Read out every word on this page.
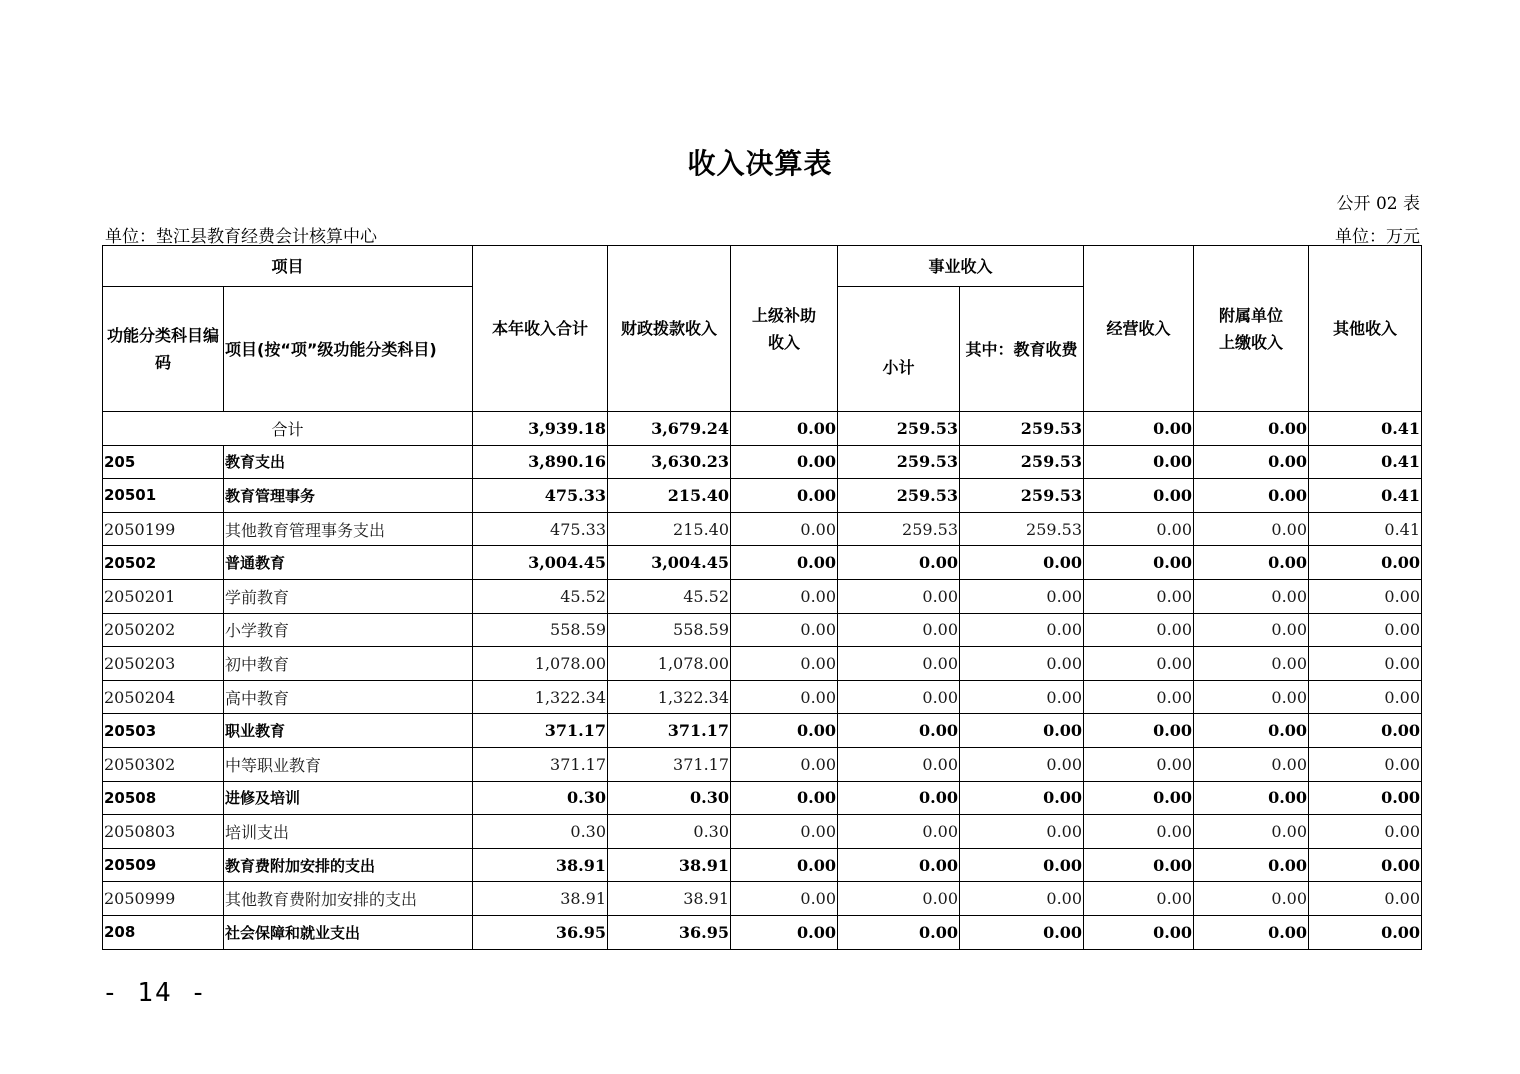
收入决算表
公开 02 表
单位：垫江县教育经费会计核算中心	单位：万元
项目		本年收入合计	财政拨款收入	上级补助收入	事业收入		经营收入	附属单位上缴收入	其他收入
功能分类科目编码	项目(按“项”级功能分类科目)				小计	其中：教育收费			
合计		3,939.18	3,679.24	0.00	259.53	259.53	0.00	0.00	0.41
205	教育支出	3,890.16	3,630.23	0.00	259.53	259.53	0.00	0.00	0.41
20501	教育管理事务	475.33	215.40	0.00	259.53	259.53	0.00	0.00	0.41
2050199	其他教育管理事务支出	475.33	215.40	0.00	259.53	259.53	0.00	0.00	0.41
20502	普通教育	3,004.45	3,004.45	0.00	0.00	0.00	0.00	0.00	0.00
2050201	学前教育	45.52	45.52	0.00	0.00	0.00	0.00	0.00	0.00
2050202	小学教育	558.59	558.59	0.00	0.00	0.00	0.00	0.00	0.00
2050203	初中教育	1,078.00	1,078.00	0.00	0.00	0.00	0.00	0.00	0.00
2050204	高中教育	1,322.34	1,322.34	0.00	0.00	0.00	0.00	0.00	0.00
20503	职业教育	371.17	371.17	0.00	0.00	0.00	0.00	0.00	0.00
2050302	中等职业教育	371.17	371.17	0.00	0.00	0.00	0.00	0.00	0.00
20508	进修及培训	0.30	0.30	0.00	0.00	0.00	0.00	0.00	0.00
2050803	培训支出	0.30	0.30	0.00	0.00	0.00	0.00	0.00	0.00
20509	教育费附加安排的支出	38.91	38.91	0.00	0.00	0.00	0.00	0.00	0.00
2050999	其他教育费附加安排的支出	38.91	38.91	0.00	0.00	0.00	0.00	0.00	0.00
208	社会保障和就业支出	36.95	36.95	0.00	0.00	0.00	0.00	0.00	0.00
- 14 -
